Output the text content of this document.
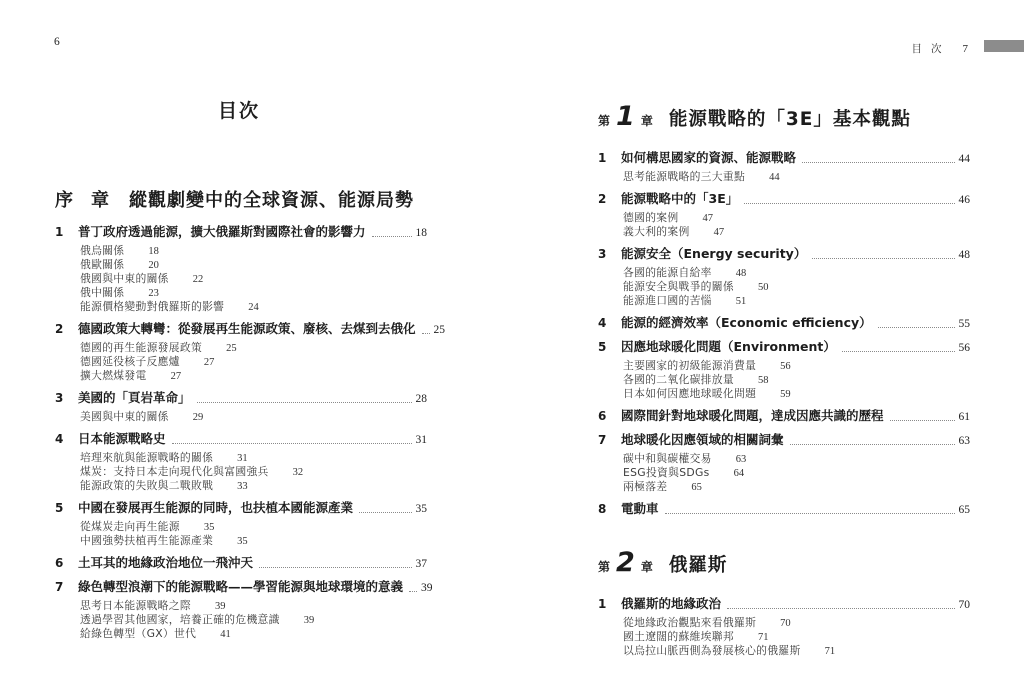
6
目次 7
目次
序 章 縱觀劇變中的全球資源、能源局勢
1	普丁政府透過能源，擴大俄羅斯對國際社會的影響力	18
俄烏關係 18
俄歐關係 20
俄國與中東的關係 22
俄中關係 23
能源價格變動對俄羅斯的影響 24
2	德國政策大轉彎：從發展再生能源政策、廢核、去煤到去俄化 25
德國的再生能源發展政策 25
德國延役核子反應爐 27
擴大燃煤發電 27
3	美國的「頁岩革命」	28
美國與中東的關係 29
4	日本能源戰略史	31
培理來航與能源戰略的關係 31
煤炭：支持日本走向現代化與富國強兵 32
能源政策的失敗與二戰敗戰 33
5	中國在發展再生能源的同時，也扶植本國能源產業	35
從煤炭走向再生能源 35
中國強勢扶植再生能源產業 35
6	土耳其的地緣政治地位一飛沖天	37
7	綠色轉型浪潮下的能源戰略——學習能源與地球環境的意義 39
思考日本能源戰略之際 39
透過學習其他國家，培養正確的危機意識 39
給綠色轉型（GX）世代 41
第 1 章 能源戰略的「3E」基本觀點
1	如何構思國家的資源、能源戰略	44
思考能源戰略的三大重點 44
2	能源戰略中的「3E」	46
德國的案例 47
義大利的案例 47
3	能源安全（Energy security）	48
各國的能源自給率 48
能源安全與戰爭的關係 50
能源進口國的苦惱 51
4	能源的經濟效率（Economic efficiency）	55
5	因應地球暖化問題（Environment）	56
主要國家的初級能源消費量 56
各國的二氧化碳排放量 58
日本如何因應地球暖化問題 59
6	國際間針對地球暖化問題，達成因應共識的歷程	61
7	地球暖化因應領域的相關詞彙	63
碳中和與碳權交易 63
ESG投資與SDGs 64
兩極落差 65
8	電動車	65
第 2 章 俄羅斯
1	俄羅斯的地緣政治	70
從地緣政治觀點來看俄羅斯 70
國土遼闊的蘇維埃聯邦 71
以烏拉山脈西側為發展核心的俄羅斯 71
